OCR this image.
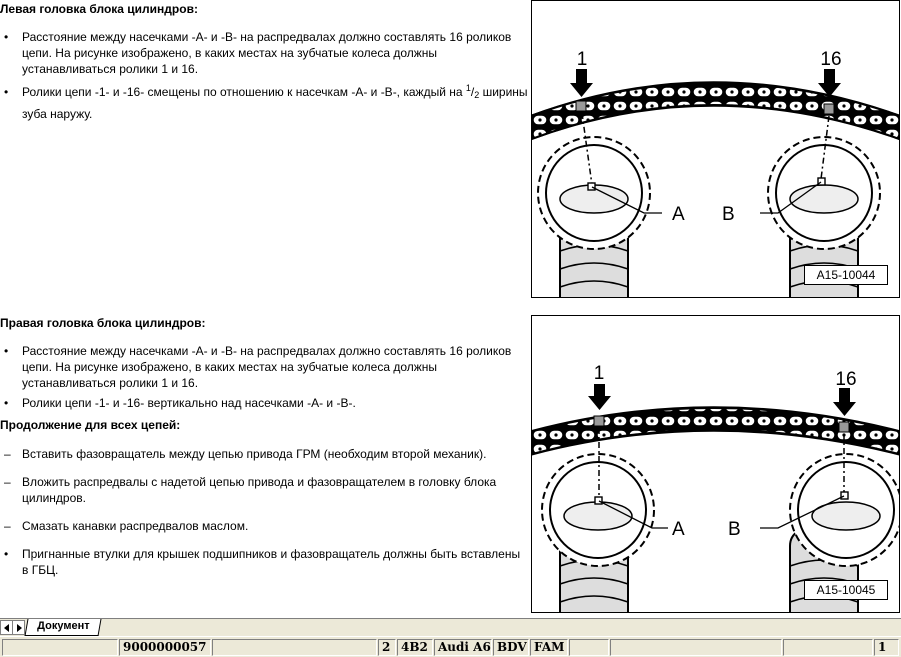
Левая головка блока цилиндров:
• Расстояние между насечками -A- и -B- на распредвалах должно составлять 16 роликов цепи. На рисунке изображено, в каких местах на зубчатые колеса должны устанавливаться ролики 1 и 16.
• Ролики цепи -1- и -16- смещены по отношению к насечкам -A- и -B-, каждый на $^1/_2$ ширины зуба наружу.
Правая головка блока цилиндров:
• Расстояние между насечками -A- и -B- на распредвалах должно составлять 16 роликов цепи. На рисунке изображено, в каких местах на зубчатые колеса должны устанавливаться ролики 1 и 16.
• Ролики цепи -1- и -16- вертикально над насечками -A- и -B-.
Продолжение для всех цепей:
– Вставить фазовращатель между цепью привода ГРМ (необходим второй механик).
– Вложить распредвалы с надетой цепью привода и фазовращателем в головку блока цилиндров.
– Смазать канавки распредвалов маслом.
• Пригнанные втулки для крышек подшипников и фазовращатель должны быть вставлены в ГБЦ.
1	16
A B
A15-10044
1	16
A B
A15-10045
Документ
9000000057	2 4B2 Audi A6 BDV FAM	1
